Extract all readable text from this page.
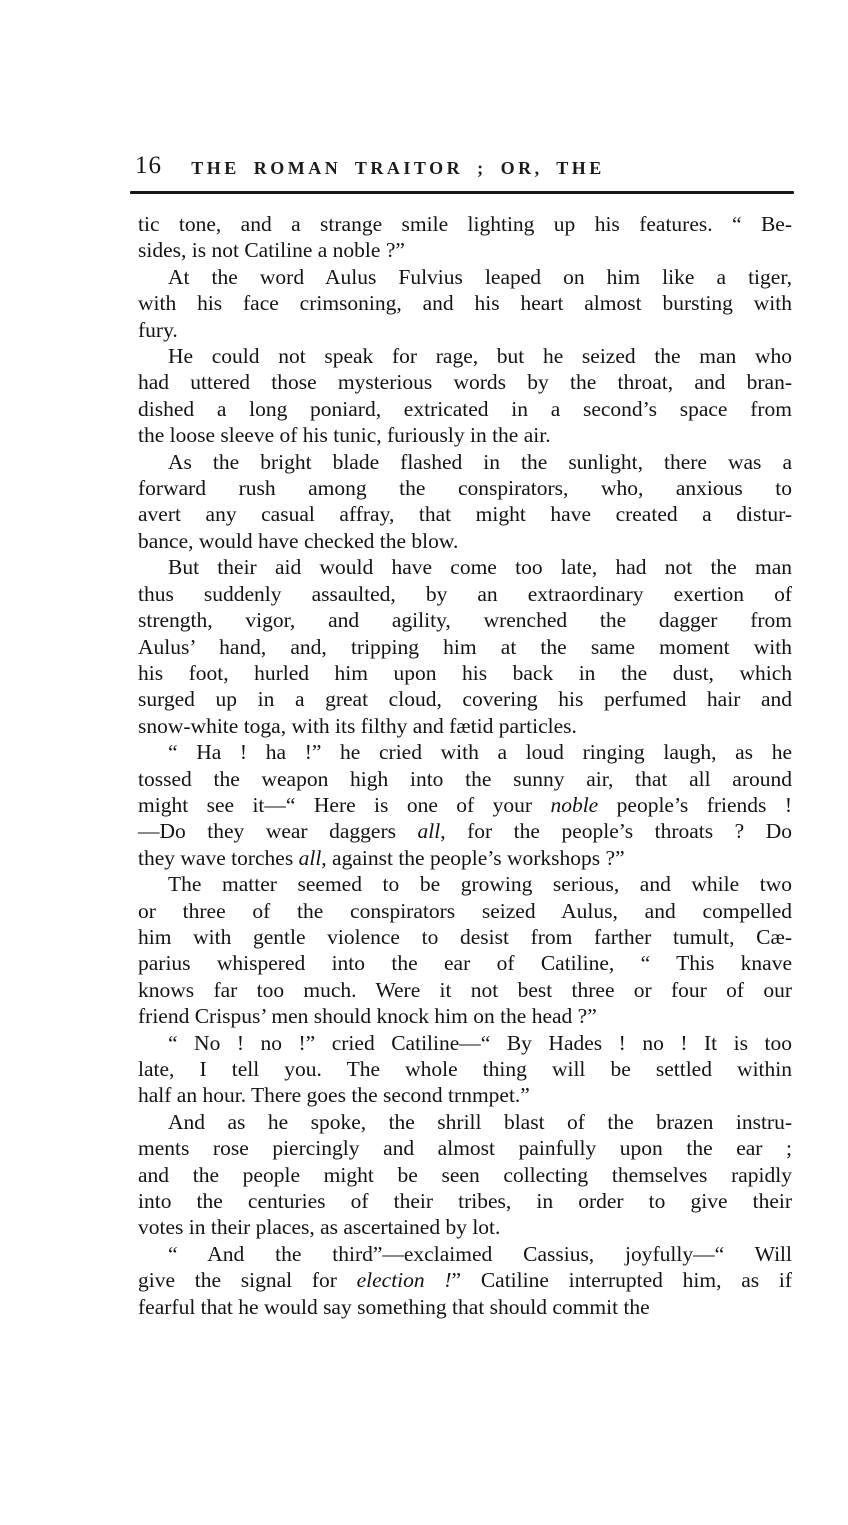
16	THE ROMAN TRAITOR ; OR, THE
tic tone, and a strange smile lighting up his features. “ Be-
sides, is not Catiline a noble ?”
At the word Aulus Fulvius leaped on him like a tiger,
with his face crimsoning, and his heart almost bursting with
fury.
He could not speak for rage, but he seized the man who
had uttered those mysterious words by the throat, and bran-
dished a long poniard, extricated in a second’s space from
the loose sleeve of his tunic, furiously in the air.
As the bright blade flashed in the sunlight, there was a
forward rush among the conspirators, who, anxious to
avert any casual affray, that might have created a distur-
bance, would have checked the blow.
But their aid would have come too late, had not the man
thus suddenly assaulted, by an extraordinary exertion of
strength, vigor, and agility, wrenched the dagger from
Aulus’ hand, and, tripping him at the same moment with
his foot, hurled him upon his back in the dust, which
surged up in a great cloud, covering his perfumed hair and
snow-white toga, with its filthy and fætid particles.
“ Ha ! ha !” he cried with a loud ringing laugh, as he
tossed the weapon high into the sunny air, that all around
might see it—“ Here is one of your noble people’s friends !
—Do they wear daggers all, for the people’s throats ? Do
they wave torches all, against the people’s workshops ?”
The matter seemed to be growing serious, and while two
or three of the conspirators seized Aulus, and compelled
him with gentle violence to desist from farther tumult, Cæ-
parius whispered into the ear of Catiline, “ This knave
knows far too much. Were it not best three or four of our
friend Crispus’ men should knock him on the head ?”
“ No ! no !” cried Catiline—“ By Hades ! no ! It is too
late, I tell you. The whole thing will be settled within
half an hour. There goes the second trnmpet.”
And as he spoke, the shrill blast of the brazen instru-
ments rose piercingly and almost painfully upon the ear ;
and the people might be seen collecting themselves rapidly
into the centuries of their tribes, in order to give their
votes in their places, as ascertained by lot.
“ And the third”—exclaimed Cassius, joyfully—“ Will
give the signal for election !” Catiline interrupted him, as if
fearful that he would say something that should commit the
